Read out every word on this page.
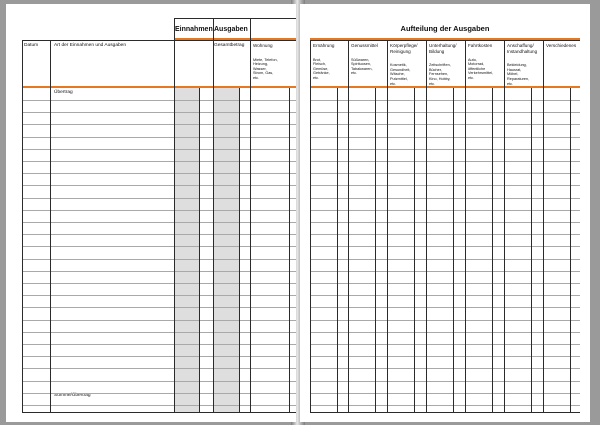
Einnahmen Ausgaben
Datum	Art der Einnahmen und Ausgaben	Gesamtbetrag Wohnung
Miete, Telefon,
Heizung,
Wasser,
Strom, Gas,
etc.
Übertrag
Summe/Übertrag
Aufteilung der Ausgaben
Ernährung
Brot,
Fleisch,
Gemüse,
Getränke,
etc.
Genussmittel
Süßwaren,
Spirituosen,
Tabakwaren,
etc.
Körperpflege/
Reinigung
Kosmetik,
Gesundheit,
Wäsche,
Putzmittel,
etc.
Unterhaltung/
Bildung
Zeitschriften,
Bücher,
Fernsehen,
Kino, Hobby,
etc.
Fahrtkosten
Auto,
Motorrad,
öffentliche
Verkehrsmittel,
etc.
Anschaffung/
Instandhaltung
Bekleidung,
Hausrat,
Möbel,
Reparaturen,
etc.
Verschiedenes
